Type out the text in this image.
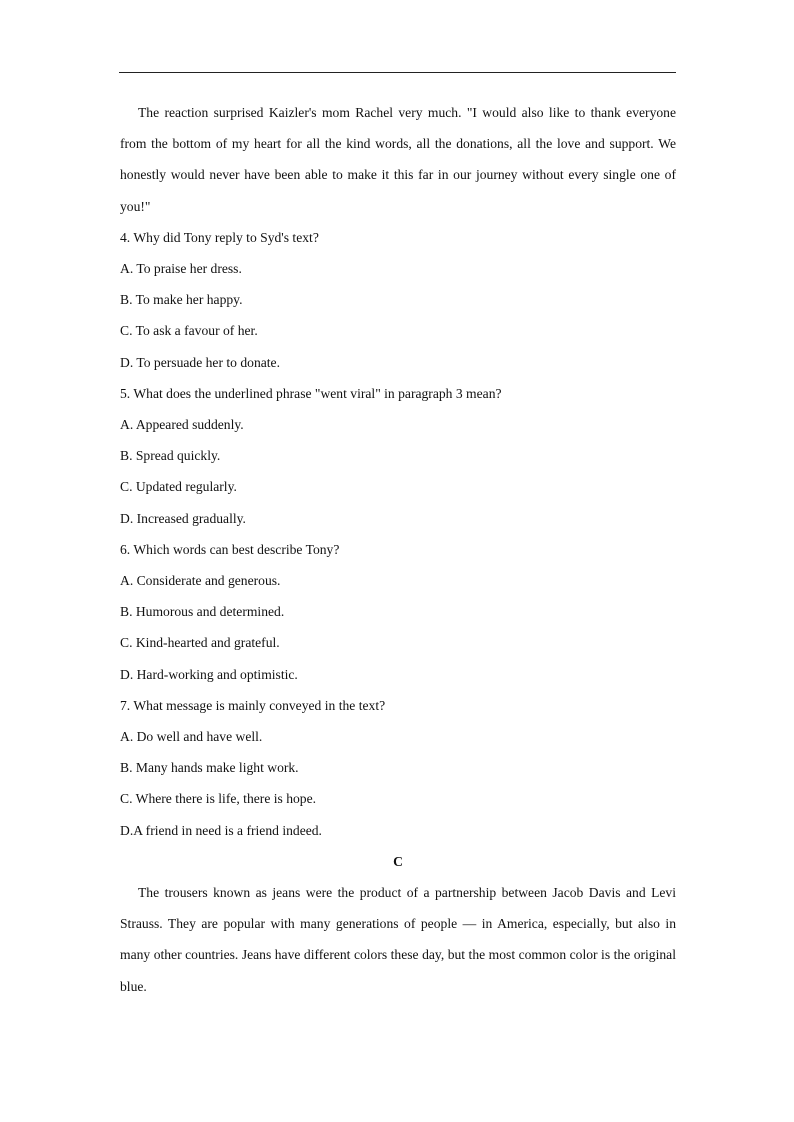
The reaction surprised Kaizler's mom Rachel very much. "I would also like to thank everyone from the bottom of my heart for all the kind words, all the donations, all the love and support. We honestly would never have been able to make it this far in our journey without every single one of you!"

4. Why did Tony reply to Syd's text?

A. To praise her dress.

B. To make her happy.

C. To ask a favour of her.

D. To persuade her to donate.

5. What does the underlined phrase "went viral" in paragraph 3 mean?

A. Appeared suddenly.

B. Spread quickly.

C. Updated regularly.

D. Increased gradually.

6. Which words can best describe Tony?

A. Considerate and generous.

B. Humorous and determined.

C. Kind-hearted and grateful.

D. Hard-working and optimistic.

7. What message is mainly conveyed in the text?

A. Do well and have well.

B. Many hands make light work.

C. Where there is life, there is hope.

D.A friend in need is a friend indeed.

C

The trousers known as jeans were the product of a partnership between Jacob Davis and Levi Strauss. They are popular with many generations of people — in America, especially, but also in many other countries. Jeans have different colors these day, but the most common color is the original blue.
